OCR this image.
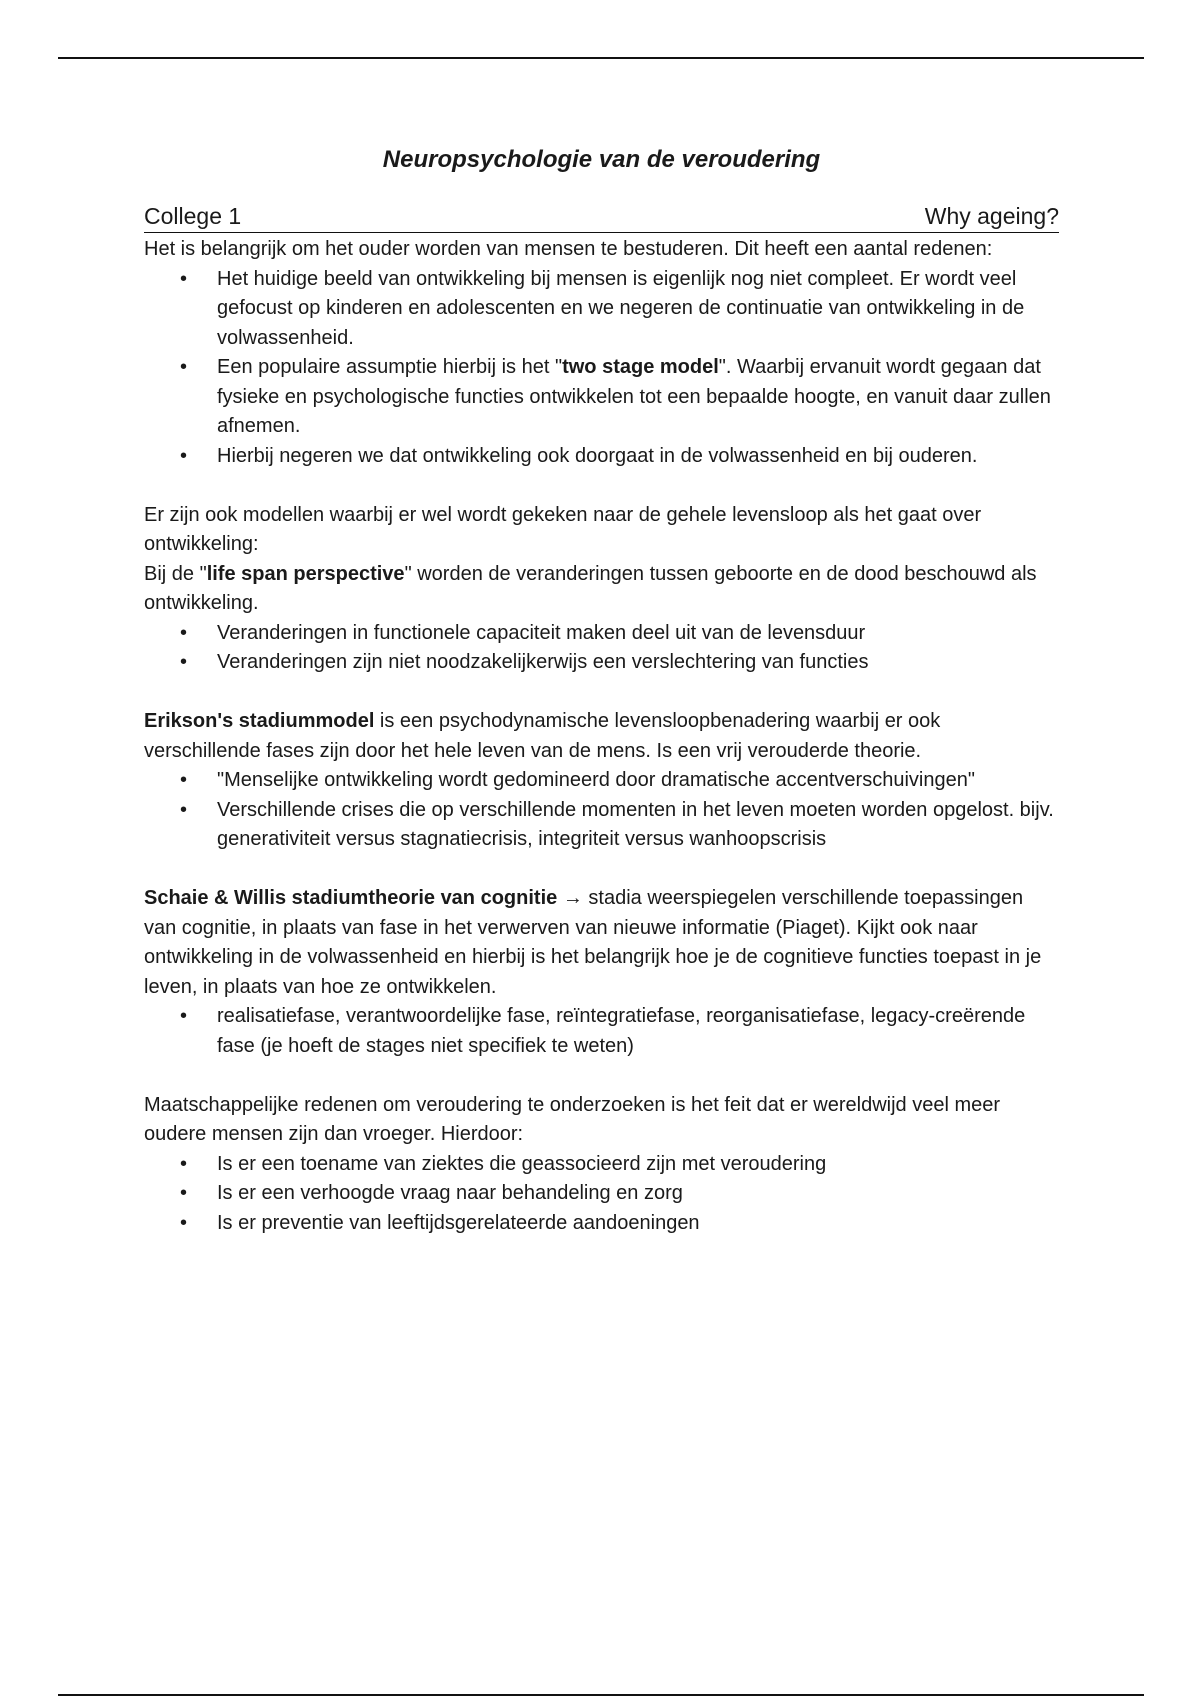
Neuropsychologie van de veroudering
College 1	Why ageing?

Het is belangrijk om het ouder worden van mensen te bestuderen. Dit heeft een aantal redenen:

• Het huidige beeld van ontwikkeling bij mensen is eigenlijk nog niet compleet. Er wordt veel gefocust op kinderen en adolescenten en we negeren de continuatie van ontwikkeling in de volwassenheid.
• Een populaire assumptie hierbij is het "two stage model". Waarbij ervanuit wordt gegaan dat fysieke en psychologische functies ontwikkelen tot een bepaalde hoogte, en vanuit daar zullen afnemen.
• Hierbij negeren we dat ontwikkeling ook doorgaat in de volwassenheid en bij ouderen.

Er zijn ook modellen waarbij er wel wordt gekeken naar de gehele levensloop als het gaat over ontwikkeling:
Bij de "life span perspective" worden de veranderingen tussen geboorte en de dood beschouwd als ontwikkeling.

• Veranderingen in functionele capaciteit maken deel uit van de levensduur
• Veranderingen zijn niet noodzakelijkerwijs een verslechtering van functies

Erikson's stadiummodel is een psychodynamische levensloopbenadering waarbij er ook verschillende fases zijn door het hele leven van de mens. Is een vrij verouderde theorie.

• "Menselijke ontwikkeling wordt gedomineerd door dramatische accentverschuivingen"
• Verschillende crises die op verschillende momenten in het leven moeten worden opgelost. bijv. generativiteit versus stagnatiecrisis, integriteit versus wanhoopscrisis

Schaie & Willis stadiumtheorie van cognitie → stadia weerspiegelen verschillende toepassingen van cognitie, in plaats van fase in het verwerven van nieuwe informatie (Piaget). Kijkt ook naar ontwikkeling in de volwassenheid en hierbij is het belangrijk hoe je de cognitieve functies toepast in je leven, in plaats van hoe ze ontwikkelen.

• realisatiefase, verantwoordelijke fase, reïntegratiefase, reorganisatiefase, legacy-creërende fase (je hoeft de stages niet specifiek te weten)

Maatschappelijke redenen om veroudering te onderzoeken is het feit dat er wereldwijd veel meer oudere mensen zijn dan vroeger. Hierdoor:

• Is er een toename van ziektes die geassocieerd zijn met veroudering
• Is er een verhoogde vraag naar behandeling en zorg
• Is er preventie van leeftijdsgerelateerde aandoeningen
